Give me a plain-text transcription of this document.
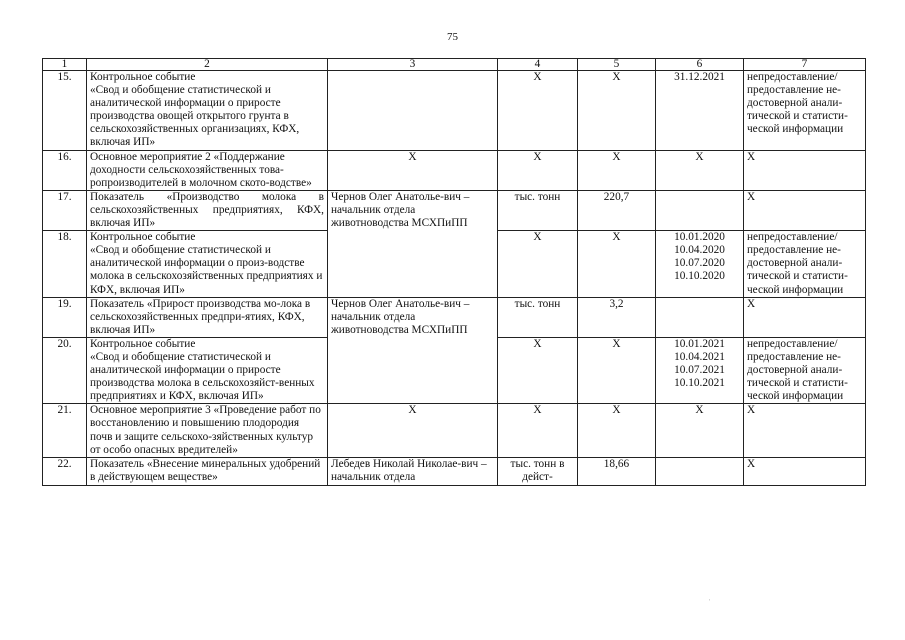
75
1	2	3	4	5	6	7
15.	Контрольное событие
«Свод и обобщение статистической и аналитической информации о приросте производства овощей открытого грунта в сельскохозяйственных организациях, КФХ, включая ИП»		Х	Х	31.12.2021	непредоставление/ предоставление не-достоверной анали-тической и статисти-ческой информации
16.	Основное мероприятие 2 «Поддержание доходности сельскохозяйственных това-ропроизводителей в молочном ското-водстве»	Х	Х	Х	Х	Х
17.	Показатель «Производство молока в сельскохозяйственных предприятиях, КФХ, включая ИП»	Чернов Олег Анатолье-вич – начальник отдела животноводства МСХПиПП	тыс. тонн	220,7		Х
18.	Контрольное событие
«Свод и обобщение статистической и аналитической информации о произ-водстве молока в сельскохозяйственных предприятиях и КФХ, включая ИП»		Х	Х	10.01.2020
10.04.2020
10.07.2020
10.10.2020	непредоставление/ предоставление не-достоверной анали-тической и статисти-ческой информации
19.	Показатель «Прирост производства мо-лока в сельскохозяйственных предпри-ятиях, КФХ, включая ИП»	Чернов Олег Анатолье-вич – начальник отдела животноводства МСХПиПП	тыс. тонн	3,2		Х
20.	Контрольное событие
«Свод и обобщение статистической и аналитической информации о приросте производства молока в сельскохозяйст-венных предприятиях и КФХ, включая ИП»		Х	Х	10.01.2021
10.04.2021
10.07.2021
10.10.2021	непредоставление/ предоставление не-достоверной анали-тической и статисти-ческой информации
21.	Основное мероприятие 3 «Проведение работ по восстановлению и повышению плодородия почв и защите сельскохо-зяйственных культур от особо опасных вредителей»	Х	Х	Х	Х	Х
22.	Показатель «Внесение минеральных удобрений в действующем веществе»	Лебедев Николай Николае-вич – начальник отдела	тыс. тонн в дейст-	18,66		Х
ˈ
